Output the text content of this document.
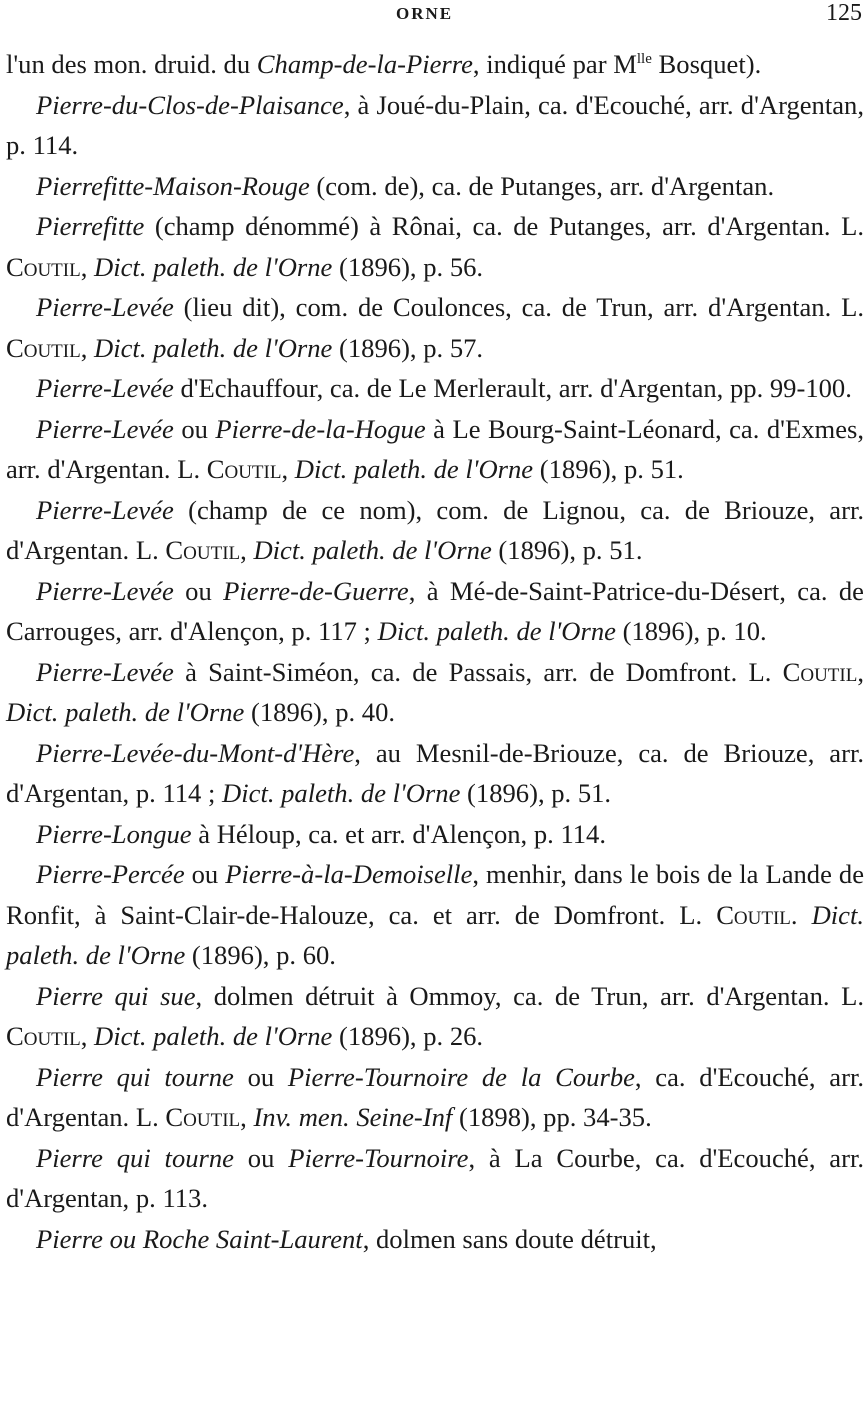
ORNE	125

l'un des mon. druid. du Champ-de-la-Pierre, indiqué par $M^{lle}$ Bosquet).

Pierre-du-Clos-de-Plaisance, à Joué-du-Plain, ca. d'Ecouché, arr. d'Argentan, p. 114.

Pierrefitte-Maison-Rouge (com. de), ca. de Putanges, arr. d'Argentan.

Pierrefitte (champ dénommé) à Rônai, ca. de Putanges, arr. d'Argentan. L. Coutil, Dict. paleth. de l'Orne (1896), p. 56.

Pierre-Levée (lieu dit), com. de Coulonces, ca. de Trun, arr. d'Argentan. L. Coutil, Dict. paleth. de l'Orne (1896), p. 57.

Pierre-Levée d'Echauffour, ca. de Le Merlerault, arr. d'Argentan, pp. 99-100.

Pierre-Levée ou Pierre-de-la-Hogue à Le Bourg-Saint-Léonard, ca. d'Exmes, arr. d'Argentan. L. Coutil, Dict. paleth. de l'Orne (1896), p. 51.

Pierre-Levée (champ de ce nom), com. de Lignou, ca. de Briouze, arr. d'Argentan. L. Coutil, Dict. paleth. de l'Orne (1896), p. 51.

Pierre-Levée ou Pierre-de-Guerre, à Mé-de-Saint-Patrice-du-Désert, ca. de Carrouges, arr. d'Alençon, p. 117 ; Dict. paleth. de l'Orne (1896), p. 10.

Pierre-Levée à Saint-Siméon, ca. de Passais, arr. de Domfront. L. Coutil, Dict. paleth. de l'Orne (1896), p. 40.

Pierre-Levée-du-Mont-d'Hère, au Mesnil-de-Briouze, ca. de Briouze, arr. d'Argentan, p. 114 ; Dict. paleth. de l'Orne (1896), p. 51.

Pierre-Longue à Héloup, ca. et arr. d'Alençon, p. 114.

Pierre-Percée ou Pierre-à-la-Demoiselle, menhir, dans le bois de la Lande de Ronfit, à Saint-Clair-de-Halouze, ca. et arr. de Domfront. L. Coutil. Dict. paleth. de l'Orne (1896), p. 60.

Pierre qui sue, dolmen détruit à Ommoy, ca. de Trun, arr. d'Argentan. L. Coutil, Dict. paleth. de l'Orne (1896), p. 26.

Pierre qui tourne ou Pierre-Tournoire de la Courbe, ca. d'Ecouché, arr. d'Argentan. L. Coutil, Inv. men. Seine-Inf (1898), pp. 34-35.

Pierre qui tourne ou Pierre-Tournoire, à La Courbe, ca. d'Ecouché, arr. d'Argentan, p. 113.

Pierre ou Roche Saint-Laurent, dolmen sans doute détruit,
